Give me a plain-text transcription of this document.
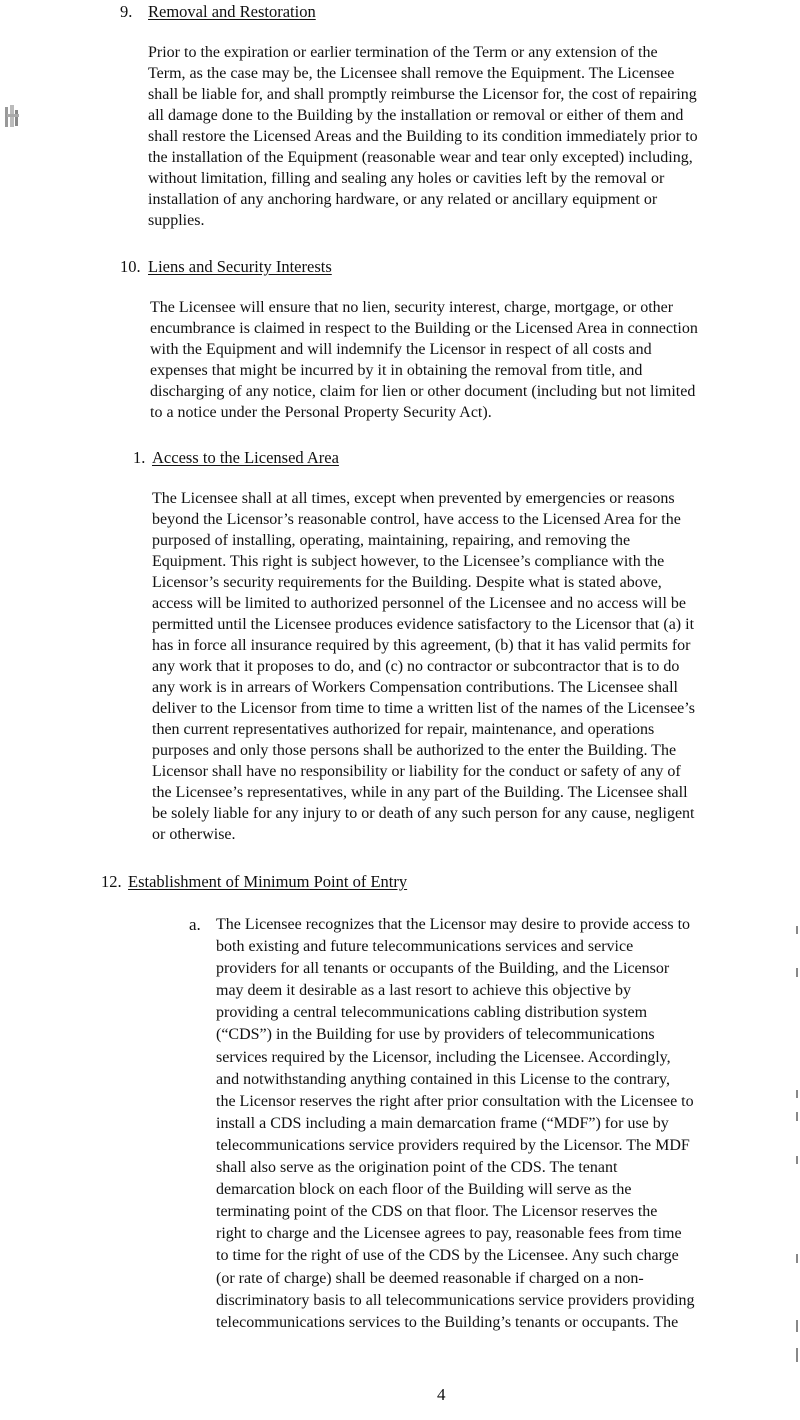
9. Removal and Restoration
Prior to the expiration or earlier termination of the Term or any extension of the
Term, as the case may be, the Licensee shall remove the Equipment. The Licensee
shall be liable for, and shall promptly reimburse the Licensor for, the cost of repairing
all damage done to the Building by the installation or removal or either of them and
shall restore the Licensed Areas and the Building to its condition immediately prior to
the installation of the Equipment (reasonable wear and tear only excepted) including,
without limitation, filling and sealing any holes or cavities left by the removal or
installation of any anchoring hardware, or any related or ancillary equipment or
supplies.
10. Liens and Security Interests
The Licensee will ensure that no lien, security interest, charge, mortgage, or other
encumbrance is claimed in respect to the Building or the Licensed Area in connection
with the Equipment and will indemnify the Licensor in respect of all costs and
expenses that might be incurred by it in obtaining the removal from title, and
discharging of any notice, claim for lien or other document (including but not limited
to a notice under the Personal Property Security Act).
1. Access to the Licensed Area
The Licensee shall at all times, except when prevented by emergencies or reasons
beyond the Licensor’s reasonable control, have access to the Licensed Area for the
purposed of installing, operating, maintaining, repairing, and removing the
Equipment. This right is subject however, to the Licensee’s compliance with the
Licensor’s security requirements for the Building. Despite what is stated above,
access will be limited to authorized personnel of the Licensee and no access will be
permitted until the Licensee produces evidence satisfactory to the Licensor that (a) it
has in force all insurance required by this agreement, (b) that it has valid permits for
any work that it proposes to do, and (c) no contractor or subcontractor that is to do
any work is in arrears of Workers Compensation contributions. The Licensee shall
deliver to the Licensor from time to time a written list of the names of the Licensee’s
then current representatives authorized for repair, maintenance, and operations
purposes and only those persons shall be authorized to the enter the Building. The
Licensor shall have no responsibility or liability for the conduct or safety of any of
the Licensee’s representatives, while in any part of the Building. The Licensee shall
be solely liable for any injury to or death of any such person for any cause, negligent
or otherwise.
12. Establishment of Minimum Point of Entry
a. The Licensee recognizes that the Licensor may desire to provide access to
both existing and future telecommunications services and service
providers for all tenants or occupants of the Building, and the Licensor
may deem it desirable as a last resort to achieve this objective by
providing a central telecommunications cabling distribution system
(“CDS”) in the Building for use by providers of telecommunications
services required by the Licensor, including the Licensee. Accordingly,
and notwithstanding anything contained in this License to the contrary,
the Licensor reserves the right after prior consultation with the Licensee to
install a CDS including a main demarcation frame (“MDF”) for use by
telecommunications service providers required by the Licensor. The MDF
shall also serve as the origination point of the CDS. The tenant
demarcation block on each floor of the Building will serve as the
terminating point of the CDS on that floor. The Licensor reserves the
right to charge and the Licensee agrees to pay, reasonable fees from time
to time for the right of use of the CDS by the Licensee. Any such charge
(or rate of charge) shall be deemed reasonable if charged on a non-
discriminatory basis to all telecommunications service providers providing
telecommunications services to the Building’s tenants or occupants. The
4
